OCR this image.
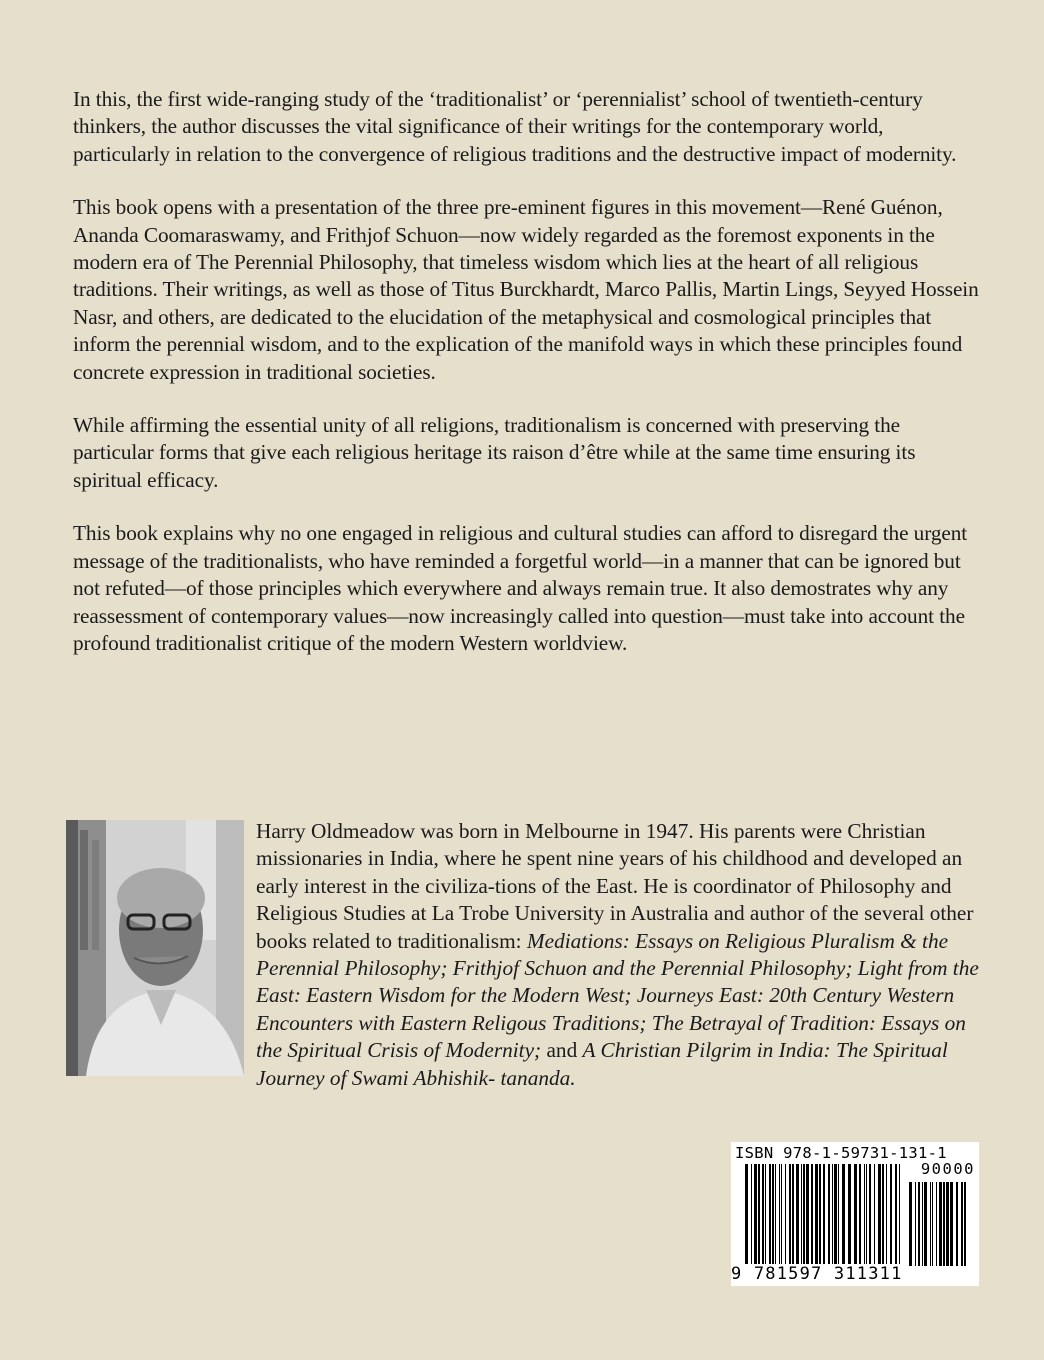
In this, the first wide-ranging study of the ‘traditionalist’ or ‘perennialist’ school of twentieth-century thinkers, the author discusses the vital significance of their writings for the contemporary world, particularly in relation to the convergence of religious traditions and the destructive impact of modernity.

This book opens with a presentation of the three pre-eminent figures in this movement—René Guénon, Ananda Coomaraswamy, and Frithjof Schuon—now widely regarded as the foremost exponents in the modern era of The Perennial Philosophy, that timeless wisdom which lies at the heart of all religious traditions. Their writings, as well as those of Titus Burckhardt, Marco Pallis, Martin Lings, Seyyed Hossein Nasr, and others, are dedicated to the elucidation of the metaphysical and cosmological principles that inform the perennial wisdom, and to the explication of the manifold ways in which these principles found concrete expression in traditional societies.

While affirming the essential unity of all religions, traditionalism is concerned with preserving the particular forms that give each religious heritage its raison d’être while at the same time ensuring its spiritual efficacy.

This book explains why no one engaged in religious and cultural studies can afford to disregard the urgent message of the traditionalists, who have reminded a forgetful world—in a manner that can be ignored but not refuted—of those principles which everywhere and always remain true. It also demostrates why any reassessment of contemporary values—now increasingly called into question—must take into account the profound traditionalist critique of the modern Western worldview.

Harry Oldmeadow was born in Melbourne in 1947. His parents were Christian missionaries in India, where he spent nine years of his childhood and developed an early interest in the civiliza-tions of the East. He is coordinator of Philosophy and Religious Studies at La Trobe University in Australia and author of the several other books related to traditionalism: Mediations: Essays on Religious Pluralism & the Perennial Philosophy; Frithjof Schuon and the Perennial Philosophy; Light from the East: Eastern Wisdom for the Modern West; Journeys East: 20th Century Western Encounters with Eastern Religous Traditions; The Betrayal of Tradition: Essays on the Spiritual Crisis of Modernity; and A Christian Pilgrim in India: The Spiritual Journey of Swami Abhishik- tananda.
ISBN 978-1-59731-131-1
90000
9 781597 311311
